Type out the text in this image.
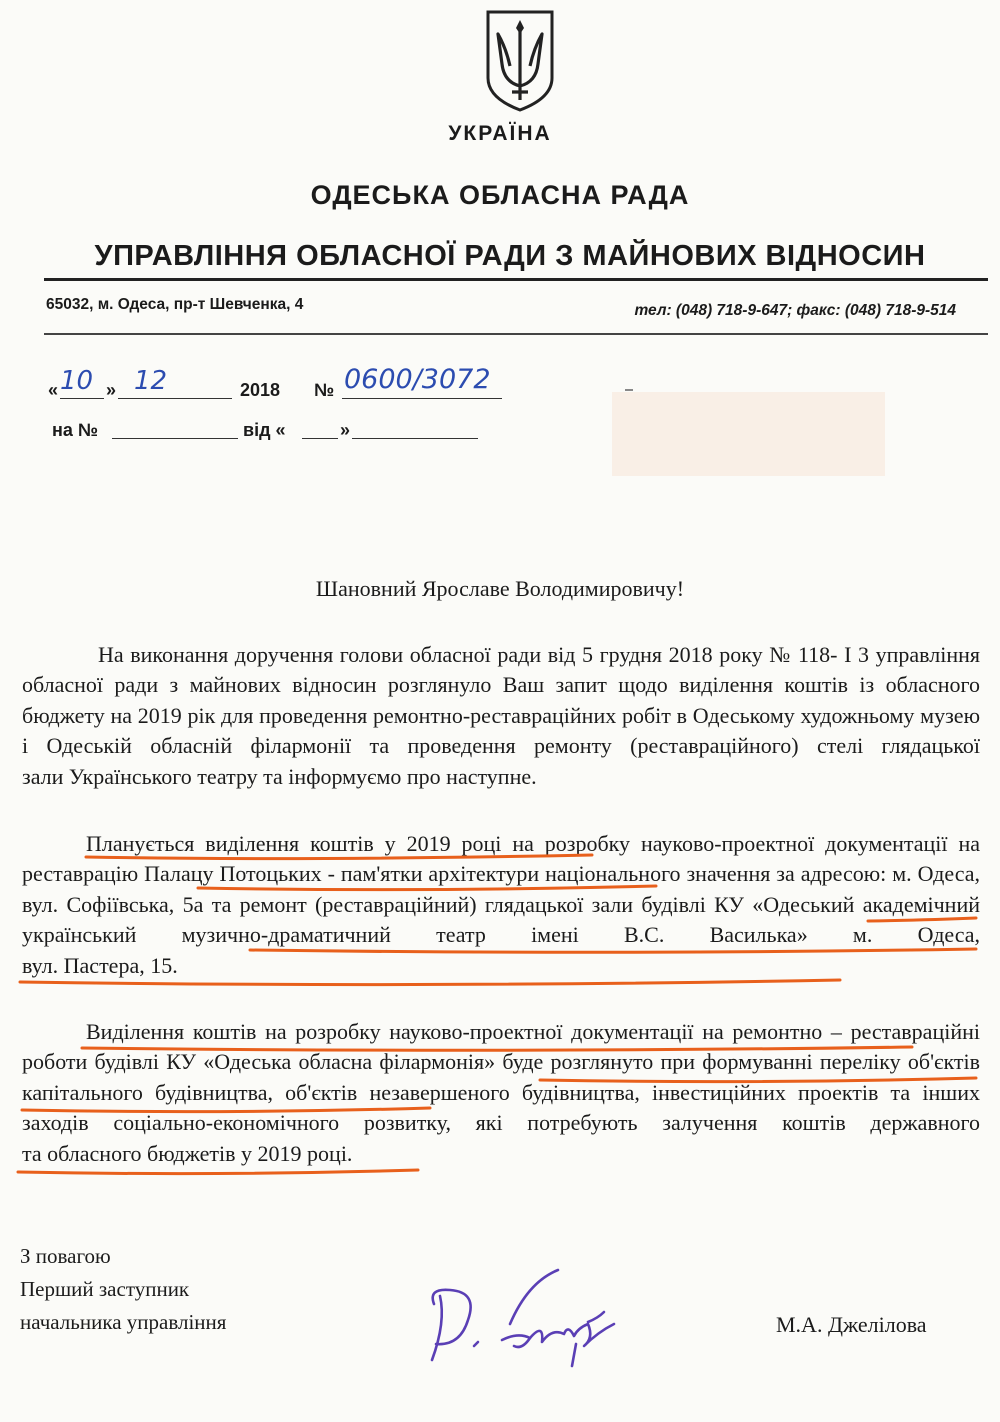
УКРАЇНА
ОДЕСЬКА ОБЛАСНА РАДА
УПРАВЛІННЯ ОБЛАСНОЇ РАДИ З МАЙНОВИХ ВІДНОСИН
65032, м. Одеса, пр-т Шевченка, 4	тел: (048) 718-9-647; факс: (048) 718-9-514
« 10 » 12	2018 № 0600/3072
на №	від «	»
Шановний Ярославе Володимировичу!
На виконання доручення голови обласної ради від 5 грудня 2018 року № 118- І 3 управління обласної ради з майнових відносин розглянуло Ваш запит щодо виділення коштів із обласного бюджету на 2019 рік для проведення ремонтно-реставраційних робіт в Одеському художньому музею і Одеській обласній філармонії та проведення ремонту (реставраційного) стелі глядацької
зали Українського театру та інформуємо про наступне.
Планується виділення коштів у 2019 році на розробку науково-проектної документації на реставрацію Палацу Потоцьких - пам'ятки архітектури національного значення за адресою: м. Одеса, вул. Софіївська, 5а та ремонт (реставраційний) глядацької зали будівлі КУ «Одеський академічний український музично-драматичний театр імені В.С. Василька» м. Одеса,
вул. Пастера, 15.
Виділення коштів на розробку науково-проектної документації на ремонтно – реставраційні роботи будівлі КУ «Одеська обласна філармонія» буде розглянуто при формуванні переліку об'єктів капітального будівництва, об'єктів незавершеного будівництва, інвестиційних проектів та інших заходів соціально-економічного розвитку, які потребують залучення коштів державного
та обласного бюджетів у 2019 році.
З повагою
Перший заступник
начальника управління	М.А. Джелілова
